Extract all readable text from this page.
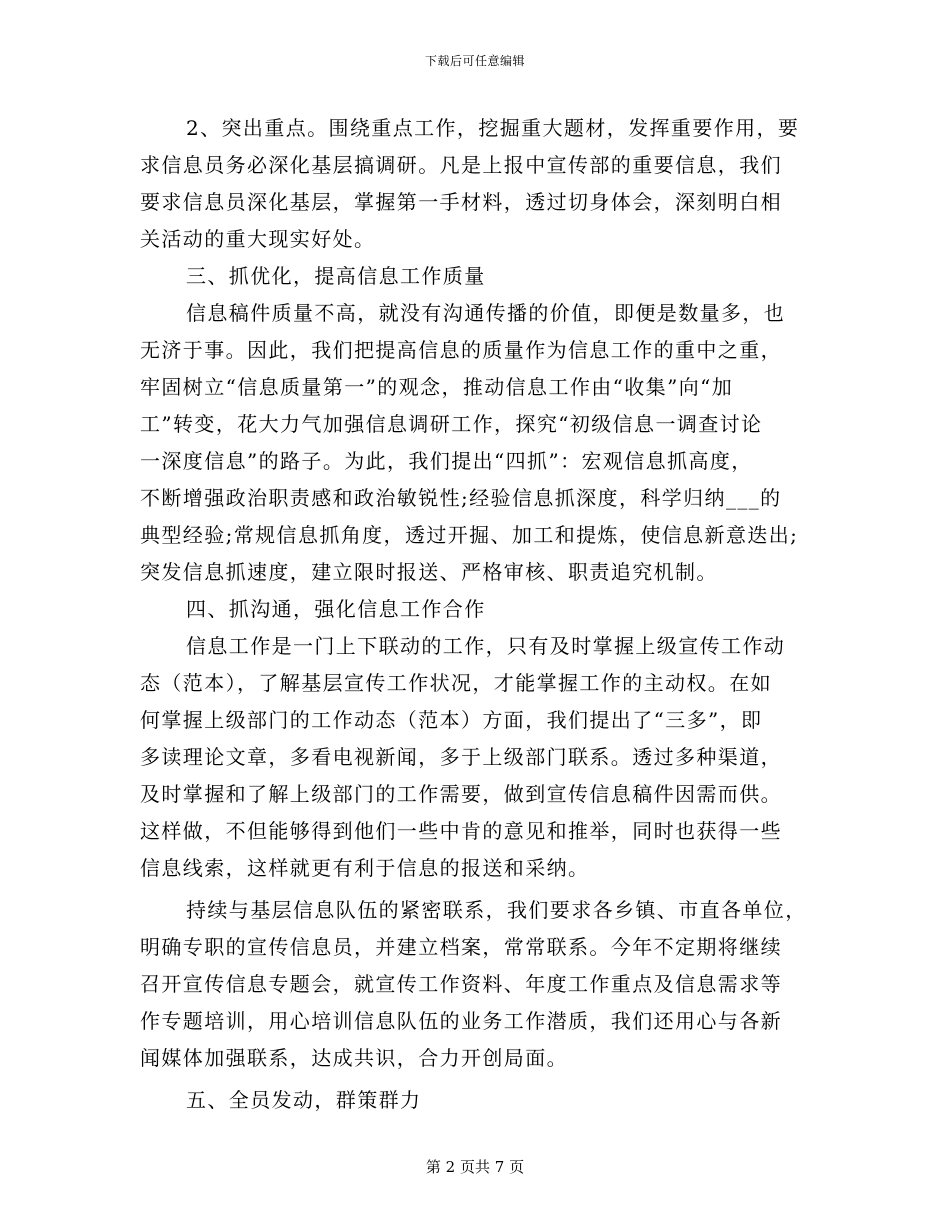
下载后可任意编辑
2、突出重点。围绕重点工作，挖掘重大题材，发挥重要作用，要
求信息员务必深化基层搞调研。凡是上报中宣传部的重要信息，我们
要求信息员深化基层，掌握第一手材料，透过切身体会，深刻明白相
关活动的重大现实好处。
三、抓优化，提高信息工作质量
信息稿件质量不高，就没有沟通传播的价值，即便是数量多，也
无济于事。因此，我们把提高信息的质量作为信息工作的重中之重，
牢固树立“信息质量第一”的观念，推动信息工作由“收集”向“加
工”转变，花大力气加强信息调研工作，探究“初级信息一调查讨论
一深度信息”的路子。为此，我们提出“四抓”：宏观信息抓高度，
不断增强政治职责感和政治敏锐性;经验信息抓深度，科学归纳___的
典型经验;常规信息抓角度，透过开掘、加工和提炼，使信息新意迭出;
突发信息抓速度，建立限时报送、严格审核、职责追究机制。
四、抓沟通，强化信息工作合作
信息工作是一门上下联动的工作，只有及时掌握上级宣传工作动
态（范本），了解基层宣传工作状况，才能掌握工作的主动权。在如
何掌握上级部门的工作动态（范本）方面，我们提出了“三多”，即
多读理论文章，多看电视新闻，多于上级部门联系。透过多种渠道，
及时掌握和了解上级部门的工作需要，做到宣传信息稿件因需而供。
这样做，不但能够得到他们一些中肯的意见和推举，同时也获得一些
信息线索，这样就更有利于信息的报送和采纳。
持续与基层信息队伍的紧密联系，我们要求各乡镇、市直各单位，
明确专职的宣传信息员，并建立档案，常常联系。今年不定期将继续
召开宣传信息专题会，就宣传工作资料、年度工作重点及信息需求等
作专题培训，用心培训信息队伍的业务工作潜质，我们还用心与各新
闻媒体加强联系，达成共识，合力开创局面。
五、全员发动，群策群力
第 2 页共 7 页
